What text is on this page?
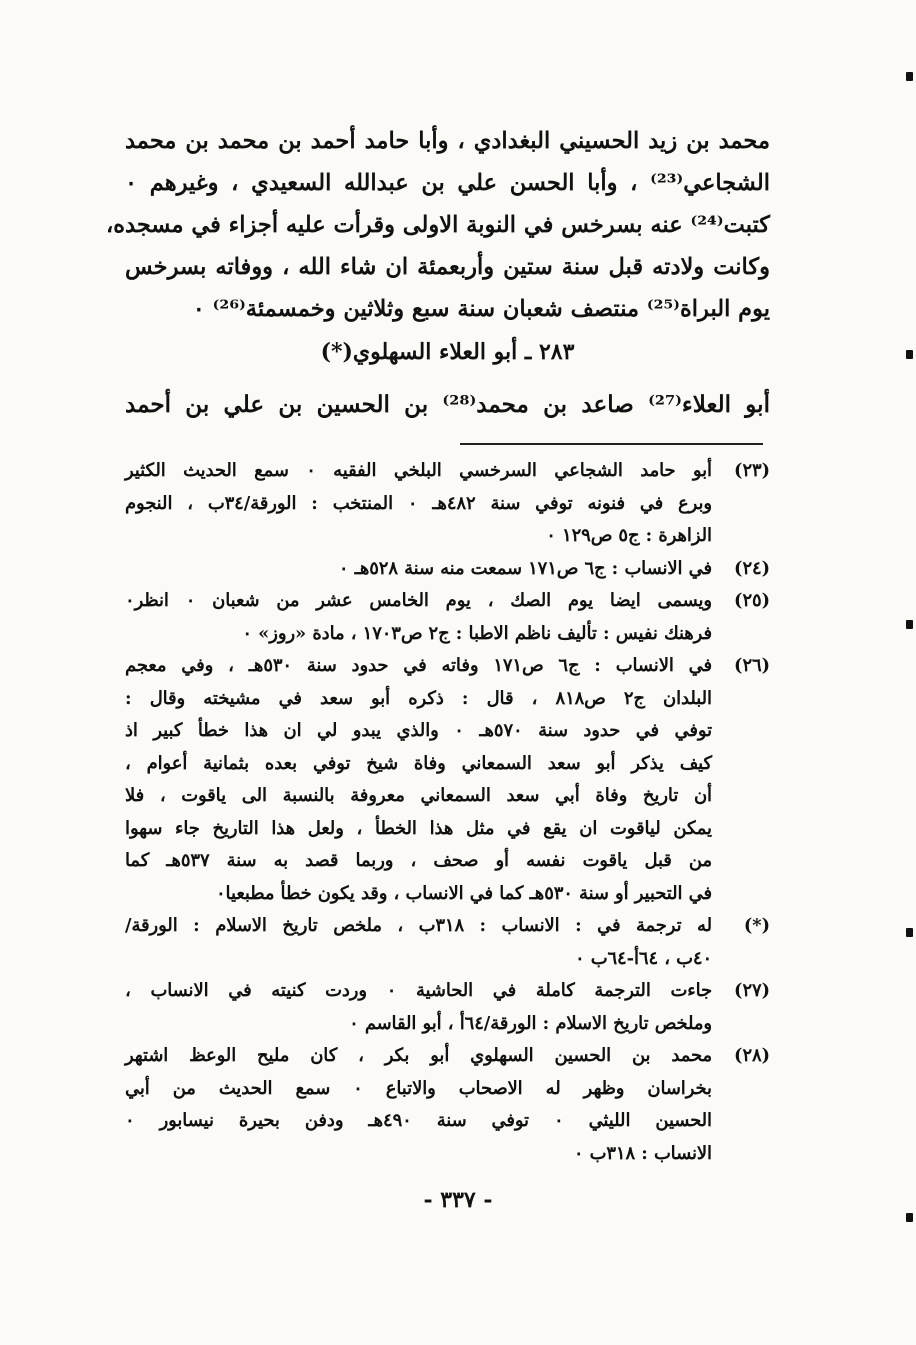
محمد بن زيد الحسيني البغدادي ، وأبا حامد أحمد بن محمد بن محمد
الشجاعي⁽²³⁾ ، وأبا الحسن علي بن عبدالله السعيدي ، وغيرهم ٠
كتبت⁽²⁴⁾ عنه بسرخس في النوبة الاولى وقرأت عليه أجزاء في مسجده،
وكانت ولادته قبل سنة ستين وأربعمئة ان شاء الله ، ووفاته بسرخس
يوم البراة⁽²⁵⁾ منتصف شعبان سنة سبع وثلاثين وخمسمئة⁽²⁶⁾ ٠
٢٨٣ ـ أبو العلاء السهلوي(*)
أبو العلاء⁽²⁷⁾ صاعد بن محمد⁽²⁸⁾ بن الحسين بن علي بن أحمد
(٢٣)
أبو حامد الشجاعي السرخسي البلخي الفقيه ٠ سمع الحديث الكثير
وبرع في فنونه توفي سنة ٤٨٢هـ ٠ المنتخب : الورقة/٣٤ب ، النجوم
الزاهرة : ج٥ ص١٢٩ ٠
(٢٤)
في الانساب : ج٦ ص١٧١ سمعت منه سنة ٥٢٨هـ ٠
(٢٥)
ويسمى ايضا يوم الصك ، يوم الخامس عشر من شعبان ٠ انظر٠
فرهنك نفيس : تأليف ناظم الاطبا : ج٢ ص١٧٠٣ ، مادة «روز» ٠
(٢٦)
في الانساب : ج٦ ص١٧١ وفاته في حدود سنة ٥٣٠هـ ، وفي معجم
البلدان ج٢ ص٨١٨ ، قال : ذكره أبو سعد في مشيخته وقال :
توفي في حدود سنة ٥٧٠هـ ٠ والذي يبدو لي ان هذا خطأ كبير اذ
كيف يذكر أبو سعد السمعاني وفاة شيخ توفي بعده بثمانية أعوام ،
أن تاريخ وفاة أبي سعد السمعاني معروفة بالنسبة الى ياقوت ، فلا
يمكن لياقوت ان يقع في مثل هذا الخطأ ، ولعل هذا التاريخ جاء سهوا
من قبل ياقوت نفسه أو صحف ، وربما قصد به سنة ٥٣٧هـ كما
في التحبير أو سنة ٥٣٠هـ كما في الانساب ، وقد يكون خطأ مطبعيا٠
(*)
له ترجمة في : الانساب : ٣١٨ب ، ملخص تاريخ الاسلام : الورقة/
٤٠ب ، ٦٤أ-٦٤ب ٠
(٢٧)
جاءت الترجمة كاملة في الحاشية ٠ وردت كنيته في الانساب ،
وملخص تاريخ الاسلام : الورقة/٦٤أ ، أبو القاسم ٠
(٢٨)
محمد بن الحسين السهلوي أبو بكر ، كان مليح الوعظ اشتهر
بخراسان وظهر له الاصحاب والاتباع ٠ سمع الحديث من أبي
الحسين الليثي ٠ توفي سنة ٤٩٠هـ ودفن بحيرة نيسابور ٠
الانساب : ٣١٨ب ٠
- ٣٣٧ -
